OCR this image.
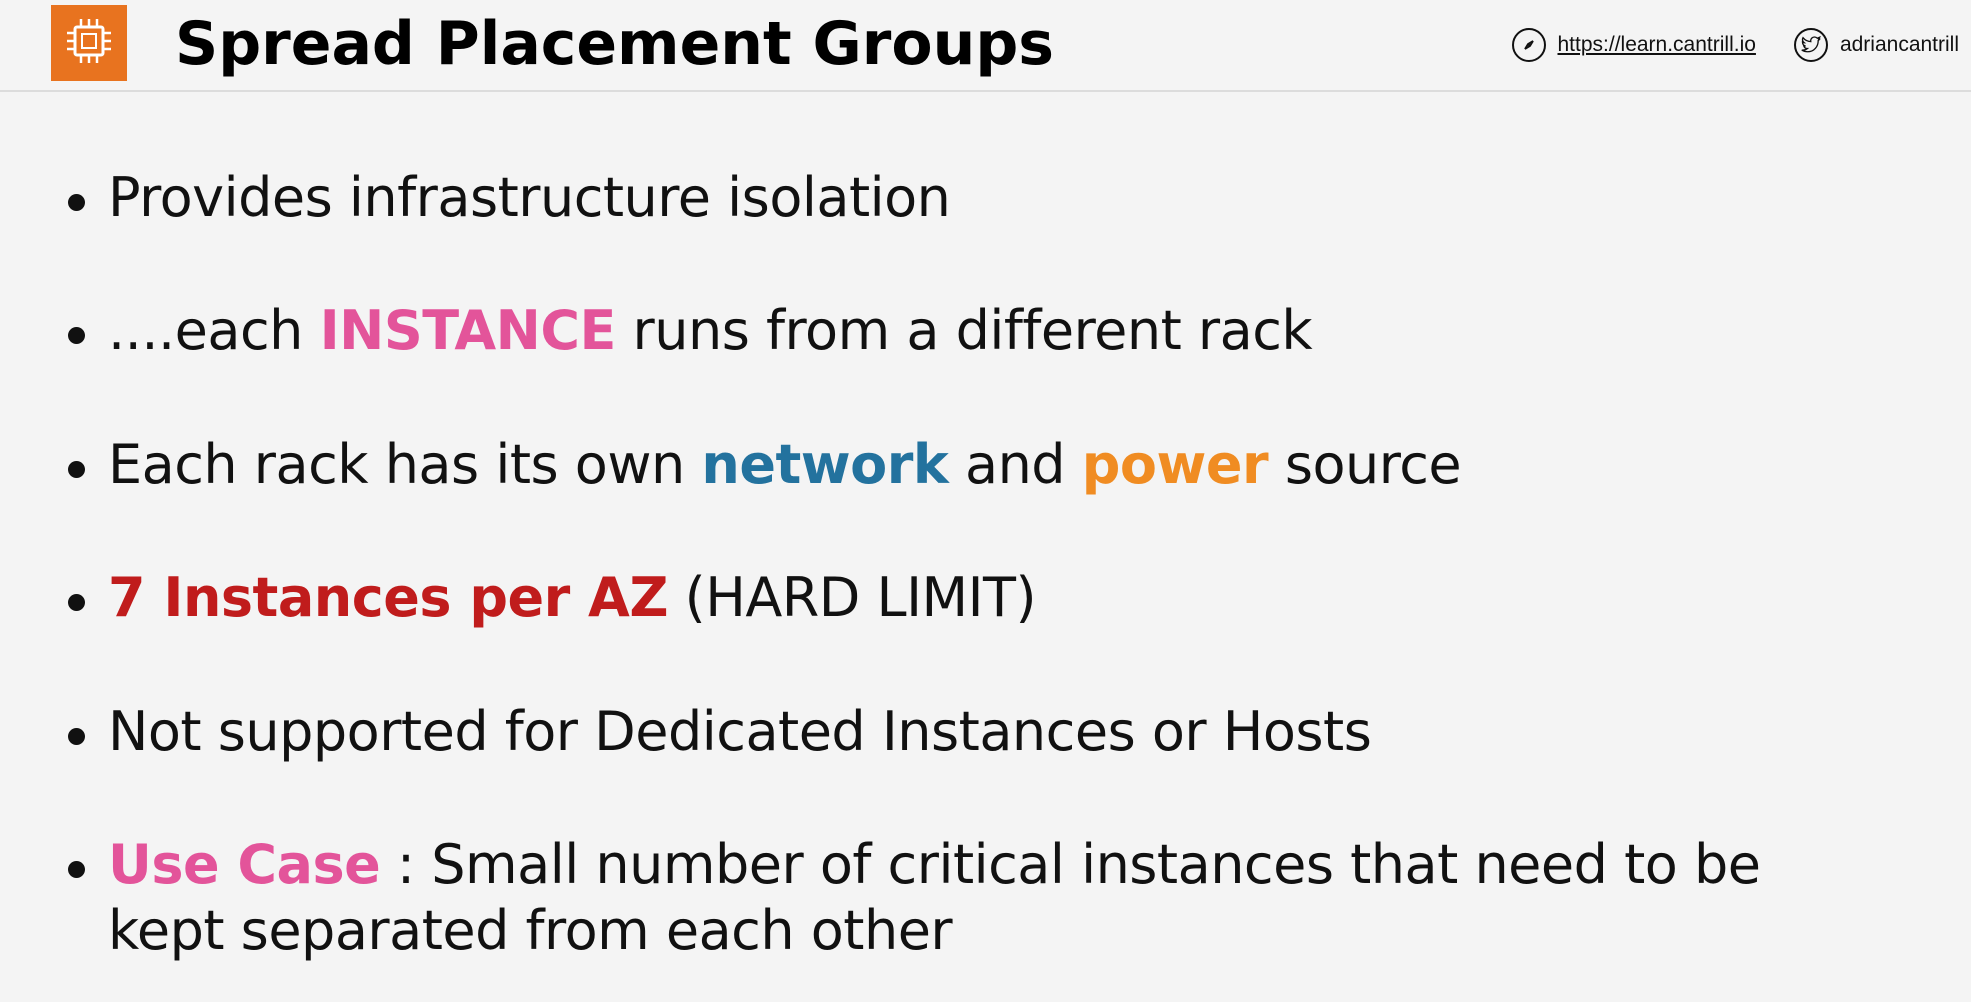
Spread Placement Groups	https://learn.cantrill.io	adriancantrill
Provides infrastructure isolation
....each INSTANCE runs from a different rack
Each rack has its own network and power source
7 Instances per AZ (HARD LIMIT)
Not supported for Dedicated Instances or Hosts
Use Case : Small number of critical instances that need to be kept separated from each other
